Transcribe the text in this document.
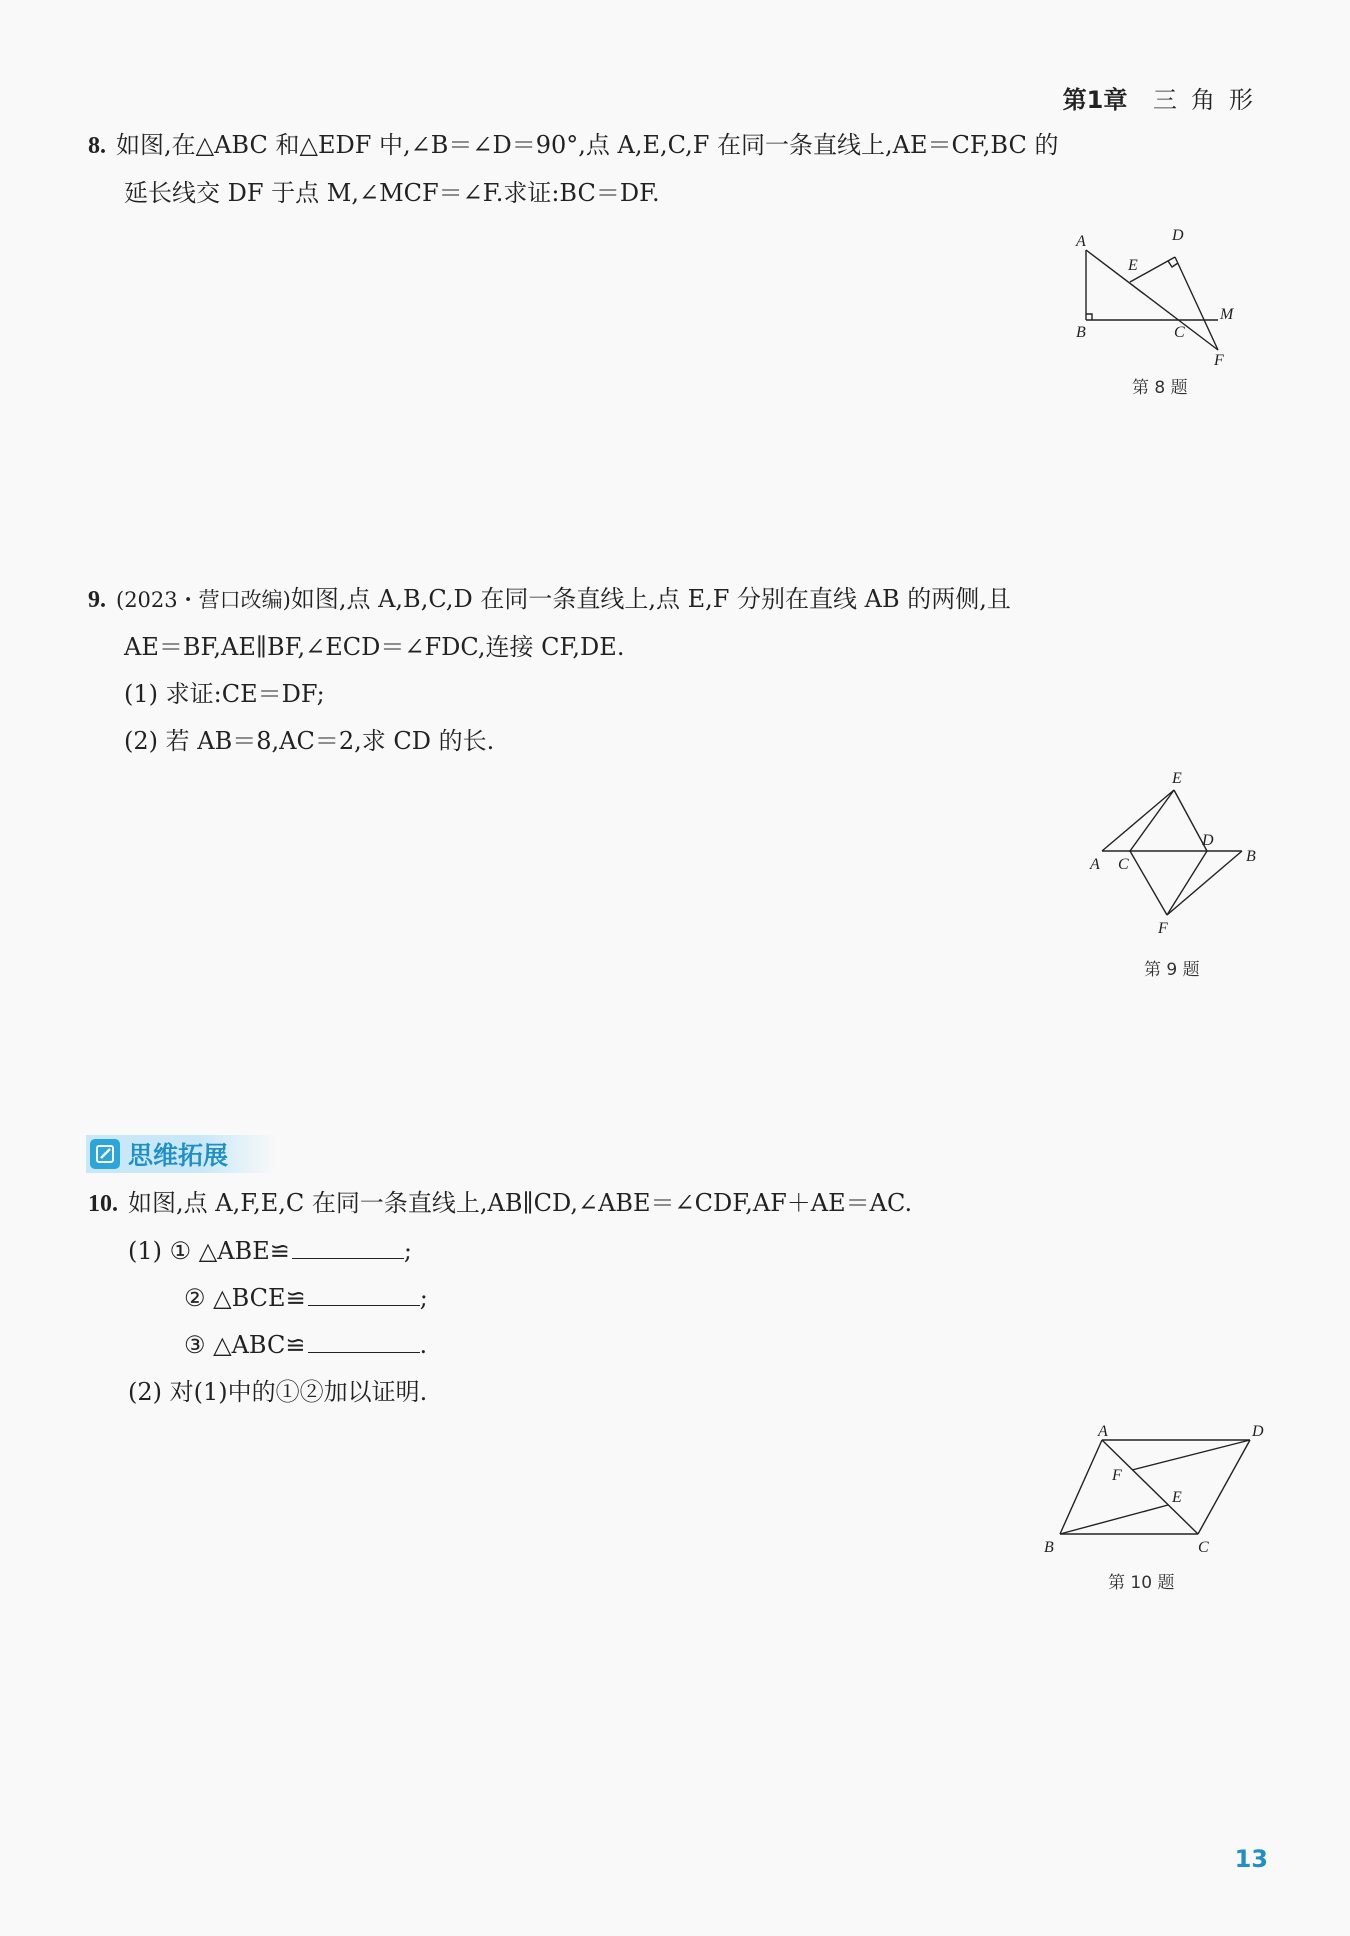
第1章 三角形
8. 如图,在△ABC 和△EDF 中,∠B＝∠D＝90°,点 A,E,C,F 在同一条直线上,AE＝CF,BC 的
延长线交 DF 于点 M,∠MCF＝∠F.求证:BC＝DF.
A
B	C
D
E
F
M
第 8 题
9. (2023・营口改编)如图,点 A,B,C,D 在同一条直线上,点 E,F 分别在直线 AB 的两侧,且
AE＝BF,AE∥BF,∠ECD＝∠FDC,连接 CF,DE.
(1) 求证:CE＝DF;
(2) 若 AB＝8,AC＝2,求 CD 的长.
A C
D
B
E
F
第 9 题
思维拓展
10. 如图,点 A,F,E,C 在同一条直线上,AB∥CD,∠ABE＝∠CDF,AF＋AE＝AC.
(1) ① △ABE≌	;
② △BCE≌	;
③ △ABC≌	.
(2) 对(1)中的①②加以证明.
A	D
F
E
B	C
第 10 题
13
